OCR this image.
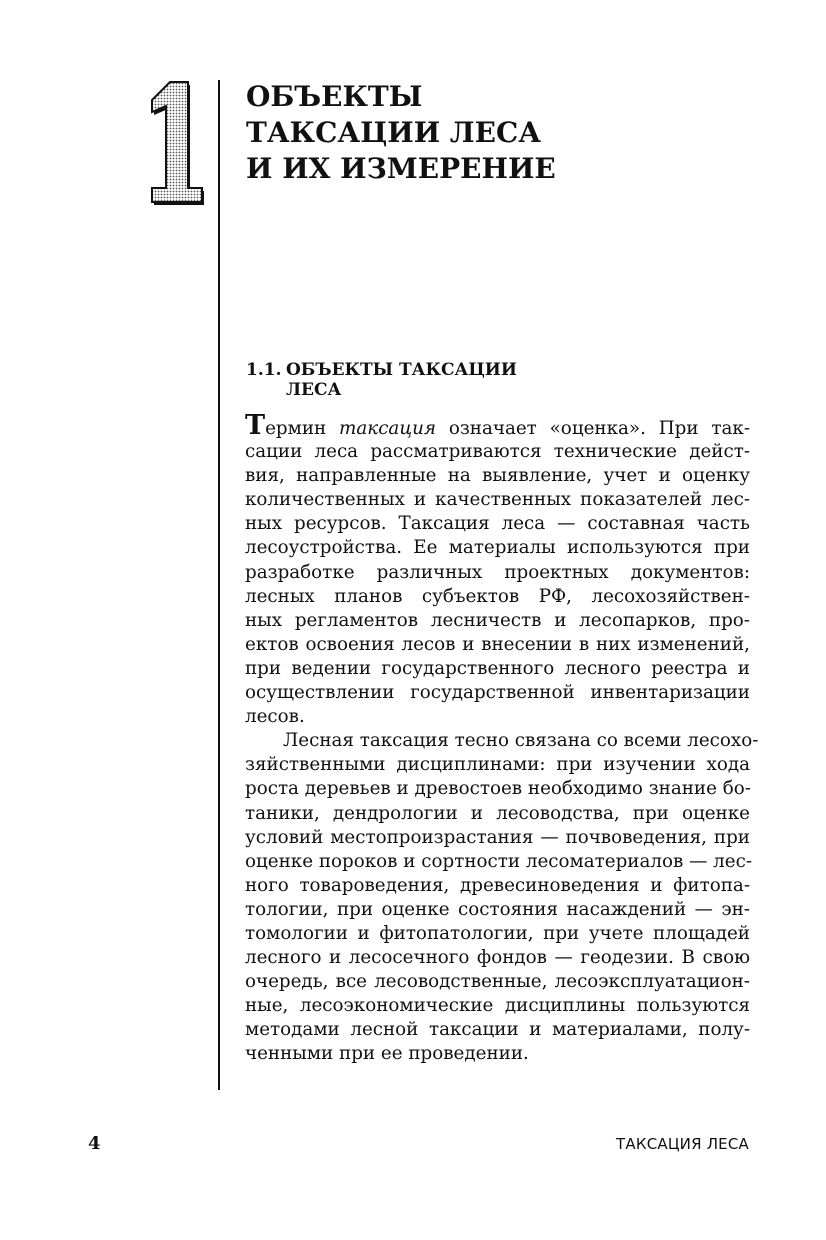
ОБЪЕКТЫ
ТАКСАЦИИ ЛЕСА
И ИХ ИЗМЕРЕНИЕ
1.1. ОБЪЕКТЫ ТАКСАЦИИ
ЛЕСА
Термин таксация означает «оценка». При так-
сации леса рассматриваются технические дейст-
вия, направленные на выявление, учет и оценку
количественных и качественных показателей лес-
ных ресурсов. Таксация леса — составная часть
лесоустройства. Ее материалы используются при
разработке различных проектных документов:
лесных планов субъектов РФ, лесохозяйствен-
ных регламентов лесничеств и лесопарков, про-
ектов освоения лесов и внесении в них изменений,
при ведении государственного лесного реестра и
осуществлении государственной инвентаризации
лесов.
Лесная таксация тесно связана со всеми лесохо-
зяйственными дисциплинами: при изучении хода
роста деревьев и древостоев необходимо знание бо-
таники, дендрологии и лесоводства, при оценке
условий местопроизрастания — почвоведения, при
оценке пороков и сортности лесоматериалов — лес-
ного товароведения, древесиноведения и фитопа-
тологии, при оценке состояния насаждений — эн-
томологии и фитопатологии, при учете площадей
лесного и лесосечного фондов — геодезии. В свою
очередь, все лесоводственные, лесоэксплуатацион-
ные, лесоэкономические дисциплины пользуются
методами лесной таксации и материалами, полу-
ченными при ее проведении.
4	ТАКСАЦИЯ ЛЕСА
